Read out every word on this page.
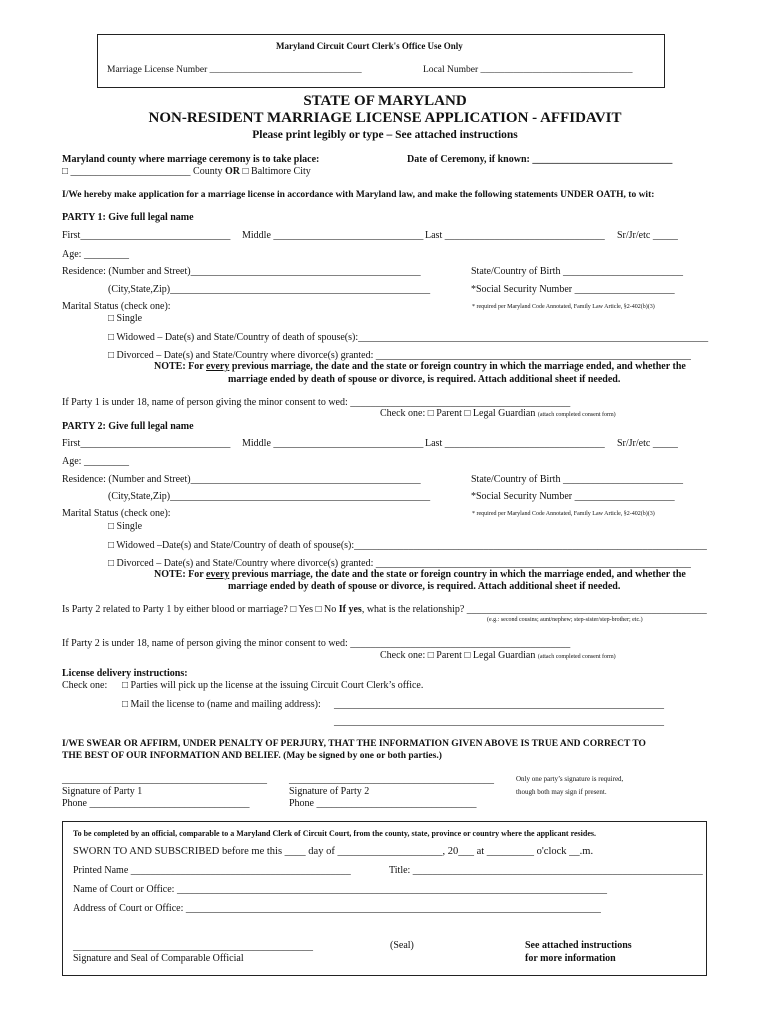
Maryland Circuit Court Clerk's Office Use Only
Marriage License Number ________________________________	Local Number ________________________________
STATE OF MARYLAND
NON-RESIDENT MARRIAGE LICENSE APPLICATION - AFFIDAVIT
Please print legibly or type – See attached instructions
Maryland county where marriage ceremony is to take place:
□ ________________________ County OR □ Baltimore City
Date of Ceremony, if known: ____________________________
I/We hereby make application for a marriage license in accordance with Maryland law, and make the following statements UNDER OATH, to wit:
PARTY 1: Give full legal name
First______________________________ Middle ______________________________ Last ________________________________ Sr/Jr/etc _____
Age: _________
Residence: (Number and Street)______________________________________________	State/Country of Birth ________________________
(City,State,Zip)____________________________________________________	*Social Security Number ____________________
Marital Status (check one):	* required per Maryland Code Annotated, Family Law Article, §2-402(b)(3)
□ Single
□ Widowed – Date(s) and State/Country of death of spouse(s):______________________________________________________________________
□ Divorced – Date(s) and State/Country where divorce(s) granted: _______________________________________________________________
NOTE: For every previous marriage, the date and the state or foreign country in which the marriage ended, and whether the
marriage ended by death of spouse or divorce, is required. Attach additional sheet if needed.
If Party 1 is under 18, name of person giving the minor consent to wed: ____________________________________________
Check one: □ Parent □ Legal Guardian (attach completed consent form)
PARTY 2: Give full legal name
First______________________________ Middle ______________________________ Last ________________________________ Sr/Jr/etc _____
Age: _________
Residence: (Number and Street)______________________________________________	State/Country of Birth ________________________
(City,State,Zip)____________________________________________________	*Social Security Number ____________________
Marital Status (check one):	* required per Maryland Code Annotated, Family Law Article, §2-402(b)(3)
□ Single
□ Widowed –Date(s) and State/Country of death of spouse(s):_______________________________________________________________________
□ Divorced – Date(s) and State/Country where divorce(s) granted: _______________________________________________________________
NOTE: For every previous marriage, the date and the state or foreign country in which the marriage ended, and whether the
marriage ended by death of spouse or divorce, is required. Attach additional sheet if needed.
Is Party 2 related to Party 1 by either blood or marriage? □ Yes □ No If yes, what is the relationship? ________________________________________________
(e.g.: second cousins; aunt/nephew; step-sister/step-brother; etc.)
If Party 2 is under 18, name of person giving the minor consent to wed: ____________________________________________
Check one: □ Parent □ Legal Guardian (attach completed consent form)
License delivery instructions:
Check one: □ Parties will pick up the license at the issuing Circuit Court Clerk’s office.
□ Mail the license to (name and mailing address): __________________________________________________________________
__________________________________________________________________
I/WE SWEAR OR AFFIRM, UNDER PENALTY OF PERJURY, THAT THE INFORMATION GIVEN ABOVE IS TRUE AND CORRECT TO
THE BEST OF OUR INFORMATION AND BELIEF. (May be signed by one or both parties.)
_________________________________________ _________________________________________
Signature of Party 1	Signature of Party 2
Phone ________________________________	Phone ________________________________
Only one party’s signature is required,
though both may sign if present.
To be completed by an official, comparable to a Maryland Clerk of Circuit Court, from the county, state, province or country where the applicant resides.
SWORN TO AND SUBSCRIBED before me this ____ day of ____________________, 20___ at _________ o'clock __.m.
Printed Name ____________________________________________	Title: __________________________________________________________
Name of Court or Office: ______________________________________________________________________________________
Address of Court or Office: ___________________________________________________________________________________
________________________________________________
Signature and Seal of Comparable Official
(Seal)	See attached instructions
for more information
